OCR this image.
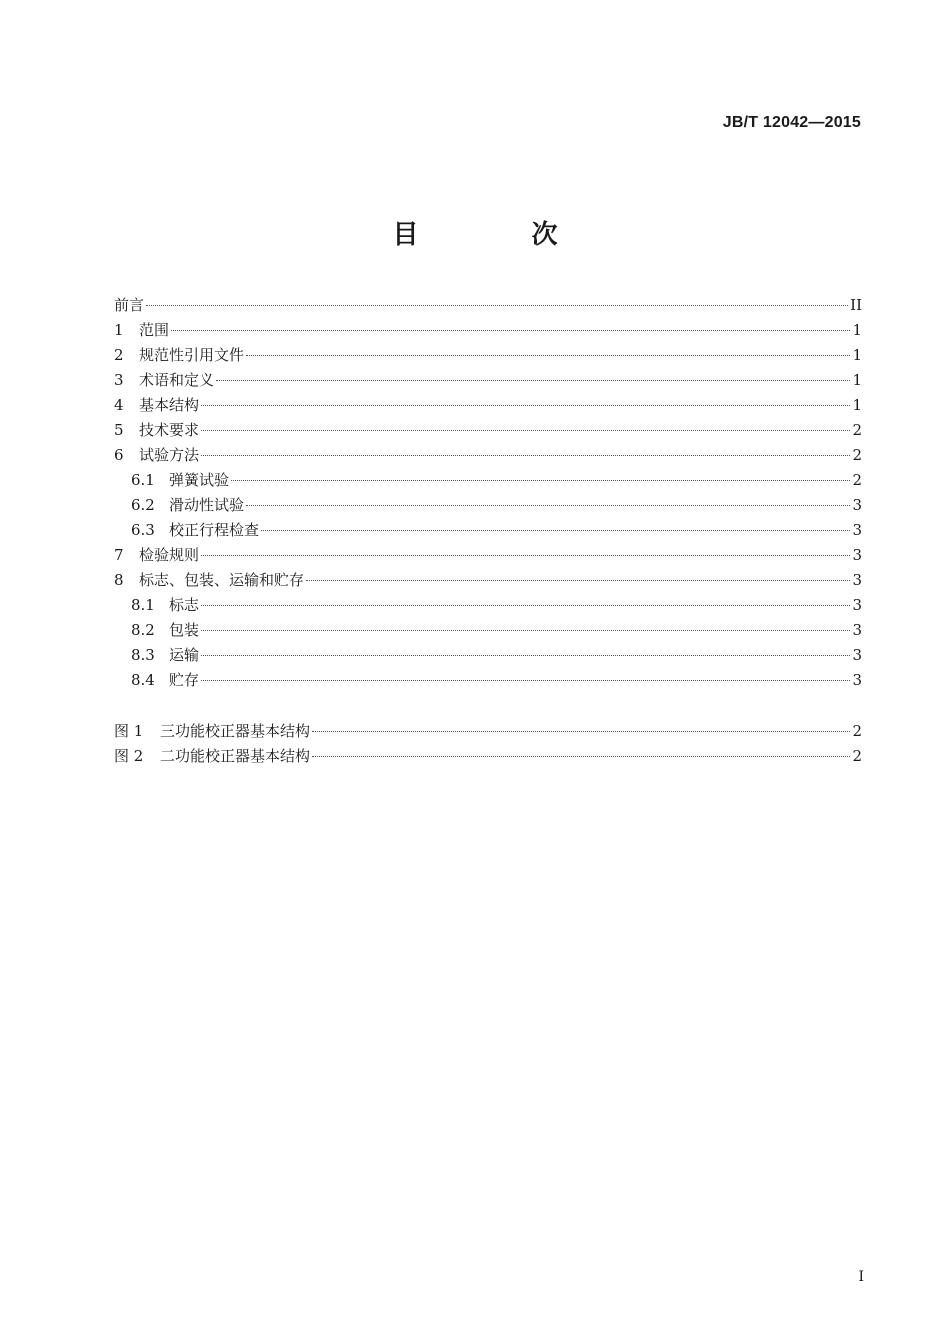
JB/T 12042—2015
目 次
前言	II
1	范围	1
2	规范性引用文件	1
3	术语和定义	1
4	基本结构	1
5	技术要求	2
6	试验方法	2
6.1 弹簧试验	2
6.2 滑动性试验	3
6.3 校正行程检查	3
7	检验规则	3
8	标志、包装、运输和贮存	3
8.1 标志	3
8.2 包装	3
8.3 运输	3
8.4 贮存	3
图 1	三功能校正器基本结构	2
图 2	二功能校正器基本结构	2
I
